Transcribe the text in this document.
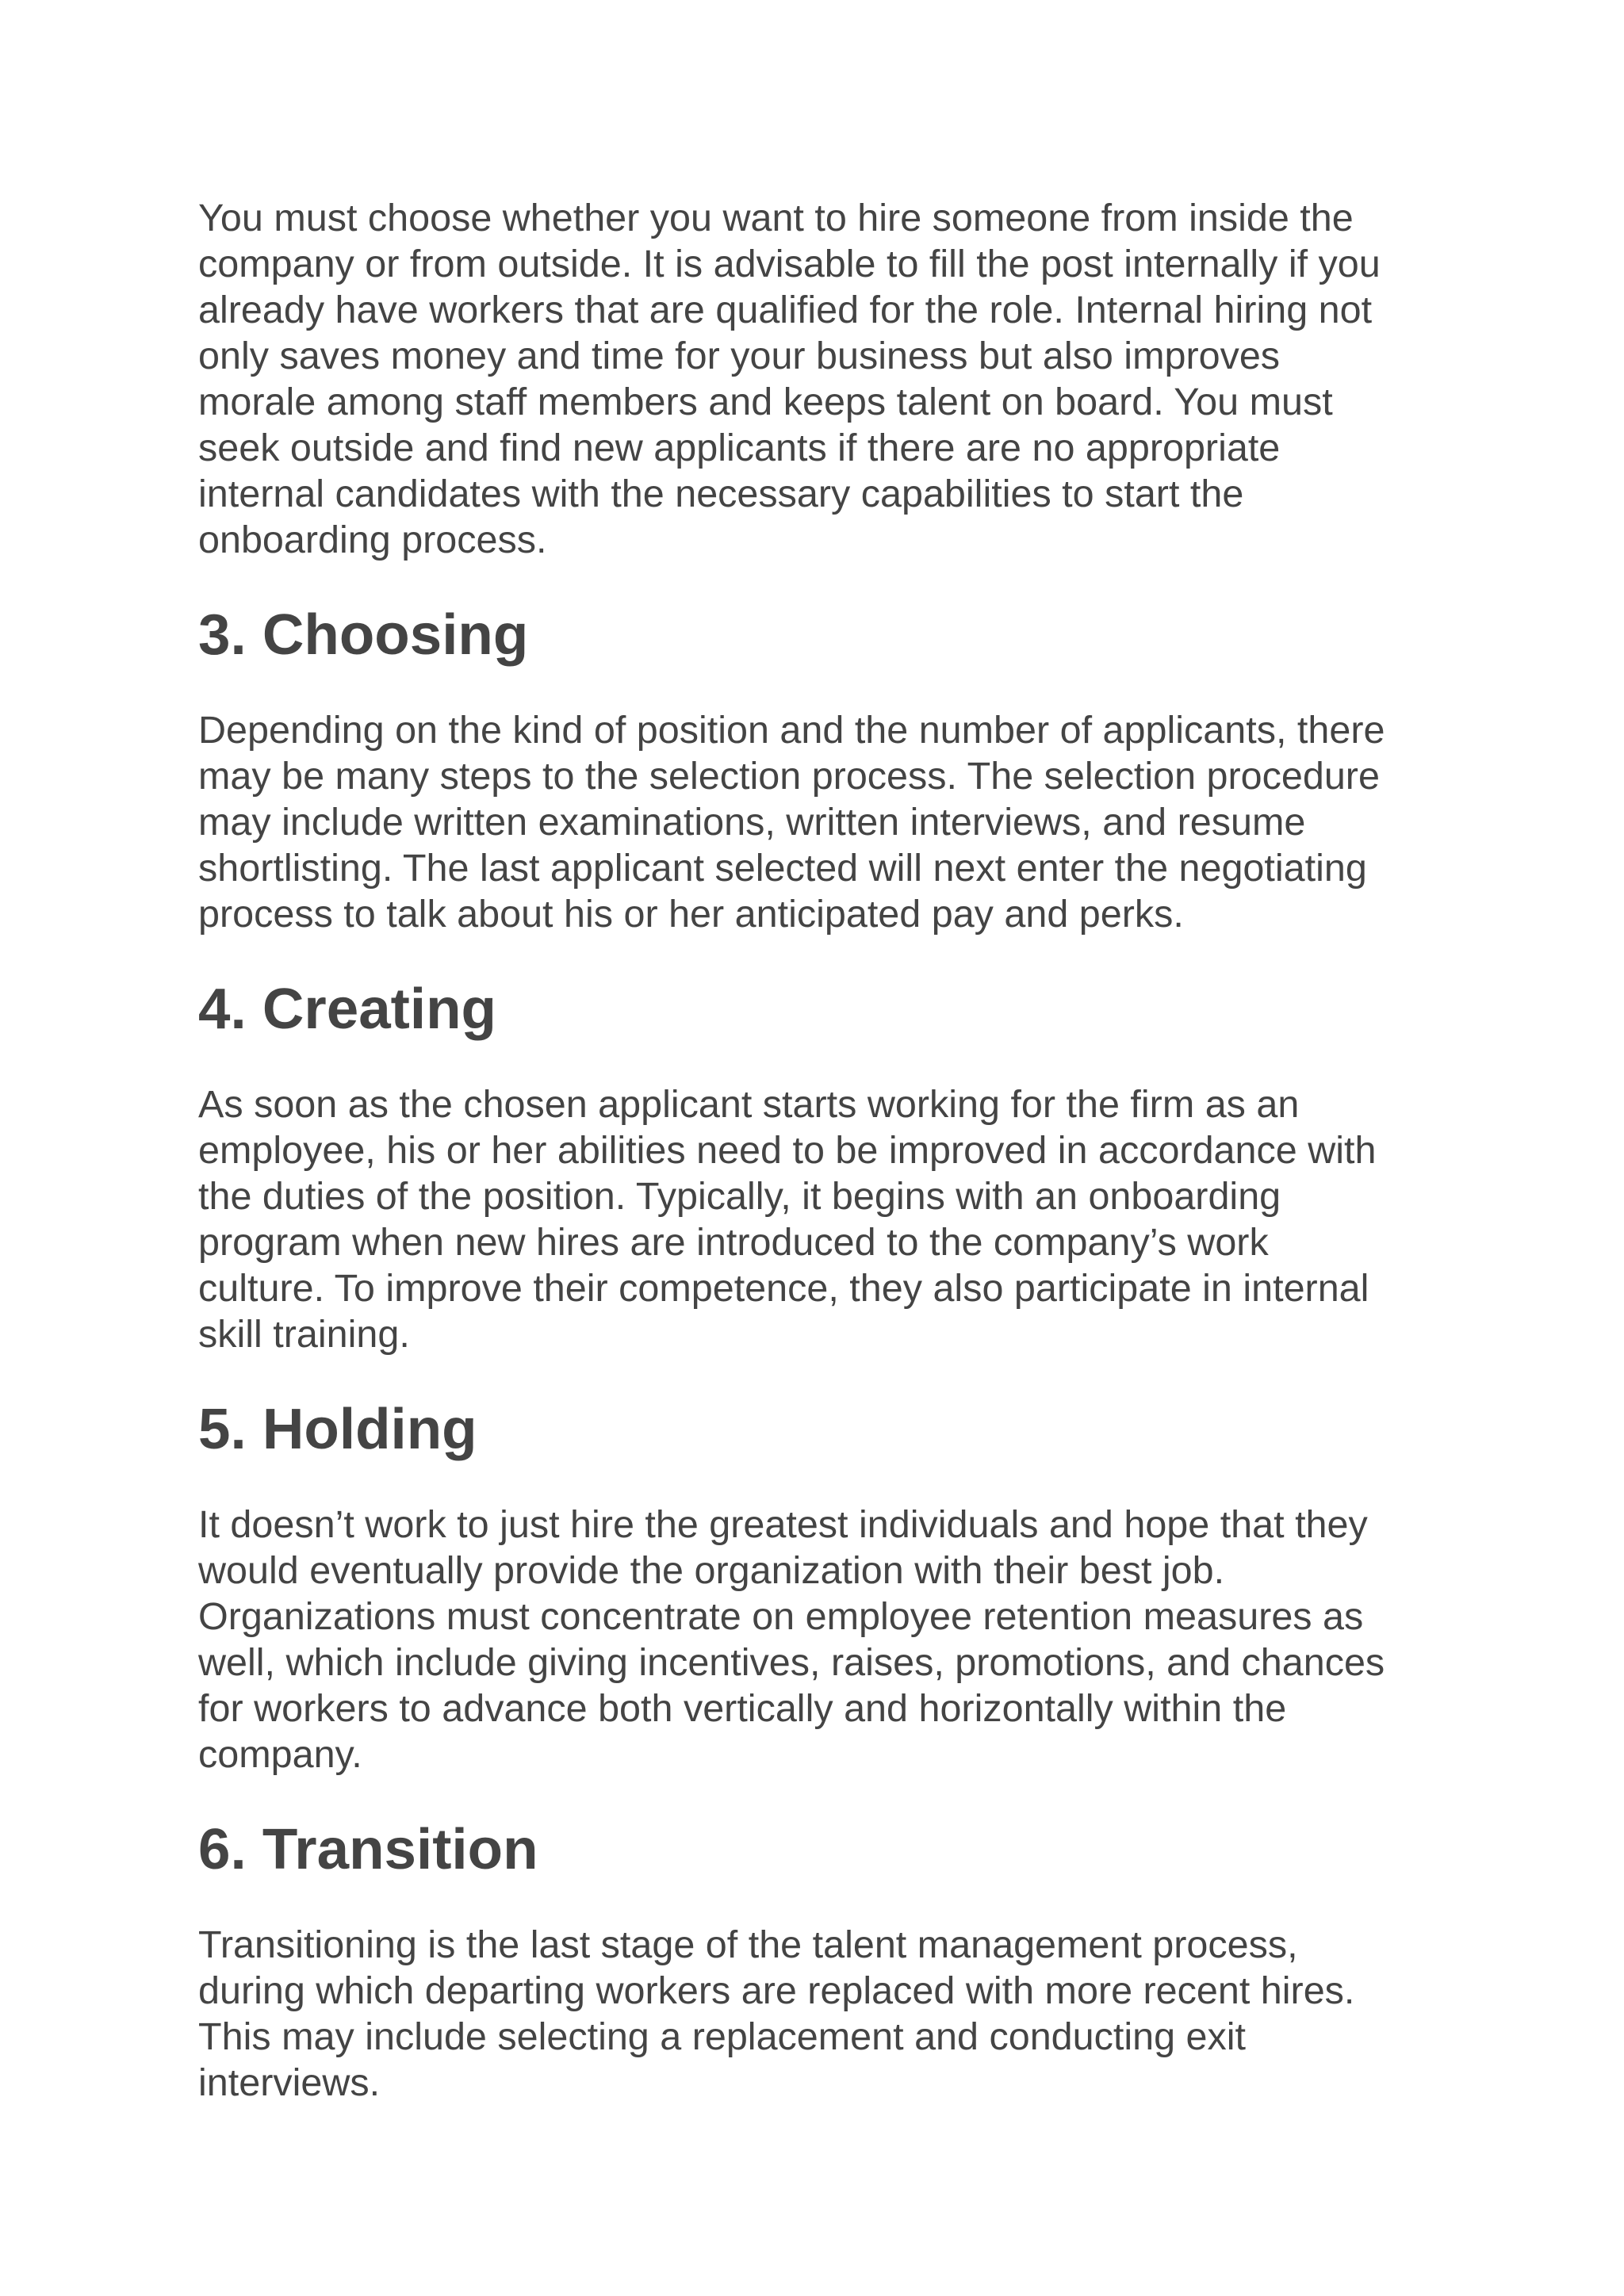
You must choose whether you want to hire someone from inside the
company or from outside. It is advisable to fill the post internally if you
already have workers that are qualified for the role. Internal hiring not
only saves money and time for your business but also improves
morale among staff members and keeps talent on board. You must
seek outside and find new applicants if there are no appropriate
internal candidates with the necessary capabilities to start the
onboarding process.

3. Choosing

Depending on the kind of position and the number of applicants, there
may be many steps to the selection process. The selection procedure
may include written examinations, written interviews, and resume
shortlisting. The last applicant selected will next enter the negotiating
process to talk about his or her anticipated pay and perks.

4. Creating

As soon as the chosen applicant starts working for the firm as an
employee, his or her abilities need to be improved in accordance with
the duties of the position. Typically, it begins with an onboarding
program when new hires are introduced to the company’s work
culture. To improve their competence, they also participate in internal
skill training.

5. Holding

It doesn’t work to just hire the greatest individuals and hope that they
would eventually provide the organization with their best job.
Organizations must concentrate on employee retention measures as
well, which include giving incentives, raises, promotions, and chances
for workers to advance both vertically and horizontally within the
company.

6. Transition

Transitioning is the last stage of the talent management process,
during which departing workers are replaced with more recent hires.
This may include selecting a replacement and conducting exit
interviews.
